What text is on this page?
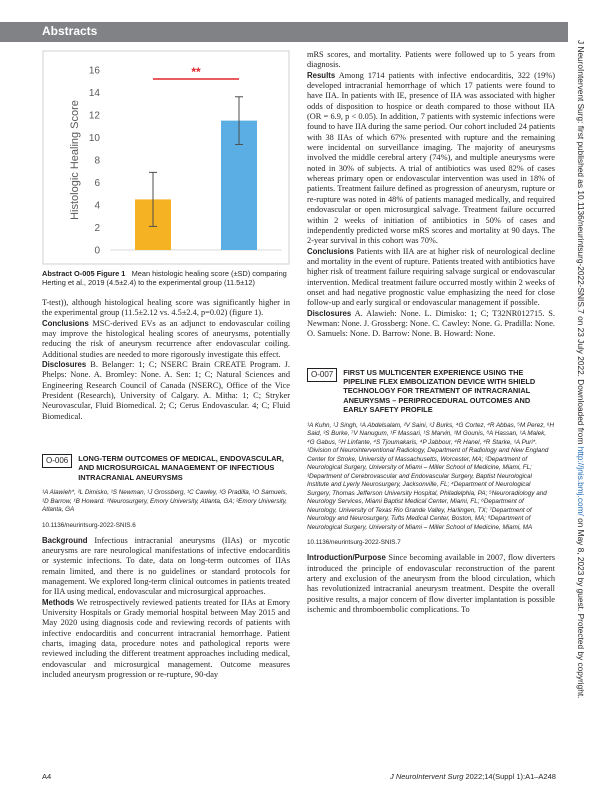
Abstracts
J NeuroIntervent Surg: first published as 10.1136/neurintsurg-2022-SNIS.7 on 23 July 2022. Downloaded from http://jnis.bmj.com/ on May 8, 2023 by guest. Protected by copyright.
Histologic Healing Score
0
2
4
6
8
10
12
14
16	**
Abstract O-005 Figure 1 Mean histologic healing score (±SD) comparing Herting et al., 2019 (4.5±2.4) to the experimental group (11.5±12)

T-test)), although histological healing score was significantly higher in the experimental group (11.5±2.12 vs. 4.5±2.4, p=0.02) (figure 1).

Conclusions MSC-derived EVs as an adjunct to endovascular coiling may improve the histological healing scores of aneurysms, potentially reducing the risk of aneurysm recurrence after endovascular coiling. Additional studies are needed to more rigorously investigate this effect.

Disclosures B. Belanger: 1; C; NSERC Brain CREATE Program. J. Phelps: None. A. Bromley: None. A. Sen: 1; C; Natural Sciences and Engineering Research Council of Canada (NSERC), Office of the Vice President (Research), University of Calgary. A. Mitha: 1; C; Stryker Neurovascular, Fluid Biomedical. 2; C; Cerus Endovascular. 4; C; Fluid Biomedical.

O-006	LONG-TERM OUTCOMES OF MEDICAL, ENDOVASCULAR, AND MICROSURGICAL MANAGEMENT OF INFECTIOUS INTRACRANIAL ANEURYSMS
¹A Alawieh*, ²L Dimisko, ¹S Newman, ¹J Grossberg, ¹C Cawley, ¹G Pradilla, ¹O Samuels, ¹D Barrow, ¹B Howard. ¹Neurosurgery, Emory University, Atlanta, GA; ²Emory University, Atlanta, GA
10.1136/neurintsurg-2022-SNIS.6

Background Infectious intracranial aneurysms (IIAs) or mycotic aneurysms are rare neurological manifestations of infective endocarditis or systemic infections. To date, data on long-term outcomes of IIAs remain limited, and there is no guidelines or standard protocols for management. We explored long-term clinical outcomes in patients treated for IIA using medical, endovascular and microsurgical approaches.

Methods We retrospectively reviewed patients treated for IIAs at Emory University Hospitals or Grady memorial hospital between May 2015 and May 2020 using diagnosis code and reviewing records of patients with infective endocarditis and concurrent intracranial hemorrhage. Patient charts, imaging data, procedure notes and pathological reports were reviewed including the different treatment approaches including medical, endovascular and microsurgical management. Outcome measures included aneurysm progression or re-rupture, 90-day

mRS scores, and mortality. Patients were followed up to 5 years from diagnosis.

Results Among 1714 patients with infective endocarditis, 322 (19%) developed intracranial hemorrhage of which 17 patients were found to have IIA. In patients with IE, presence of IIA was associated with higher odds of disposition to hospice or death compared to those without IIA (OR = 6.9, p < 0.05). In addition, 7 patients with systemic infections were found to have IIA during the same period. Our cohort included 24 patients with 38 IIAs of which 67% presented with rupture and the remaining were incidental on surveillance imaging. The majority of aneurysms involved the middle cerebral artery (74%), and multiple aneurysms were noted in 30% of subjects. A trial of antibiotics was used 82% of cases whereas primary open or endovascular intervention was used in 18% of patients. Treatment failure defined as progression of aneurysm, rupture or re-rupture was noted in 48% of patients managed medically, and required endovascular or open microsurgical salvage. Treatment failure occurred within 2 weeks of initiation of antibiotics in 50% of cases and independently predicted worse mRS scores and mortality at 90 days. The 2-year survival in this cohort was 70%.

Conclusions Patients with IIA are at higher risk of neurological decline and mortality in the event of rupture. Patients treated with antibiotics have higher risk of treatment failure requiring salvage surgical or endovascular intervention. Medical treatment failure occurred mostly within 2 weeks of onset and had negative prognostic value emphasizing the need for close follow-up and early surgical or endovascular management if possible.

Disclosures A. Alawieh: None. L. Dimisko: 1; C; T32NR012715. S. Newman: None. J. Grossberg: None. C. Cawley: None. G. Pradilla: None. O. Samuels: None. D. Barrow: None. B. Howard: None.

O-007	FIRST US MULTICENTER EXPERIENCE USING THE PIPELINE FLEX EMBOLIZATION DEVICE WITH SHIELD TECHNOLOGY FOR TREATMENT OF INTRACRANIAL ANEURYSMS – PERIPROCEDURAL OUTCOMES AND EARLY SAFETY PROFILE
¹A Kuhn, ¹J Singh, ¹A Abdelsalam, ²V Saini, ³J Burks, ⁴G Cortez, ⁴R Abbas, ⁵M Perez, ⁶H Said, ³S Burke, ⁷V Nanugum, ¹F Massari, ¹S Marvin, ¹M Gounis, ⁸A Hassan, ¹A Malek, ⁴G Gabus, ⁵H Linfante, ⁴S Tjoumakaris, ⁴P Jabbour, ⁴R Hanel, ⁴R Starke, ¹A Puri*. ¹Division of Neurointerventional Radiology, Department of Radiology and New England Center for Stroke, University of Massachusetts, Worcester, MA; ²Department of Neurological Surgery, University of Miami – Miller School of Medicine, Miami, FL; ³Department of Cerebrovascular and Endovascular Surgery, Baptist Neurological Institute and Lyerly Neurosurgery, Jacksonville, FL; ⁴Department of Neurological Surgery, Thomas Jefferson University Hospital, Philadelphia, PA; ⁵Neuroradiology and Neurology Services, Miami Baptist Medical Center, Miami, FL; ⁶Department of Neurology, University of Texas Rio Grande Valley, Harlingen, TX; ⁷Department of Neurology and Neurosurgery, Tufts Medical Center, Boston, MA; ⁸Department of Neurological Surgery, University of Miami – Miller School of Medicine, Miami, MA
10.1136/neurintsurg-2022-SNIS.7

Introduction/Purpose Since becoming available in 2007, flow diverters introduced the principle of endovascular reconstruction of the parent artery and exclusion of the aneurysm from the blood circulation, which has revolutionized intracranial aneurysm treatment. Despite the overall positive results, a major concern of flow diverter implantation is possible ischemic and thromboembolic complications. To

A4	J NeuroIntervent Surg 2022;14(Suppl 1):A1–A248
